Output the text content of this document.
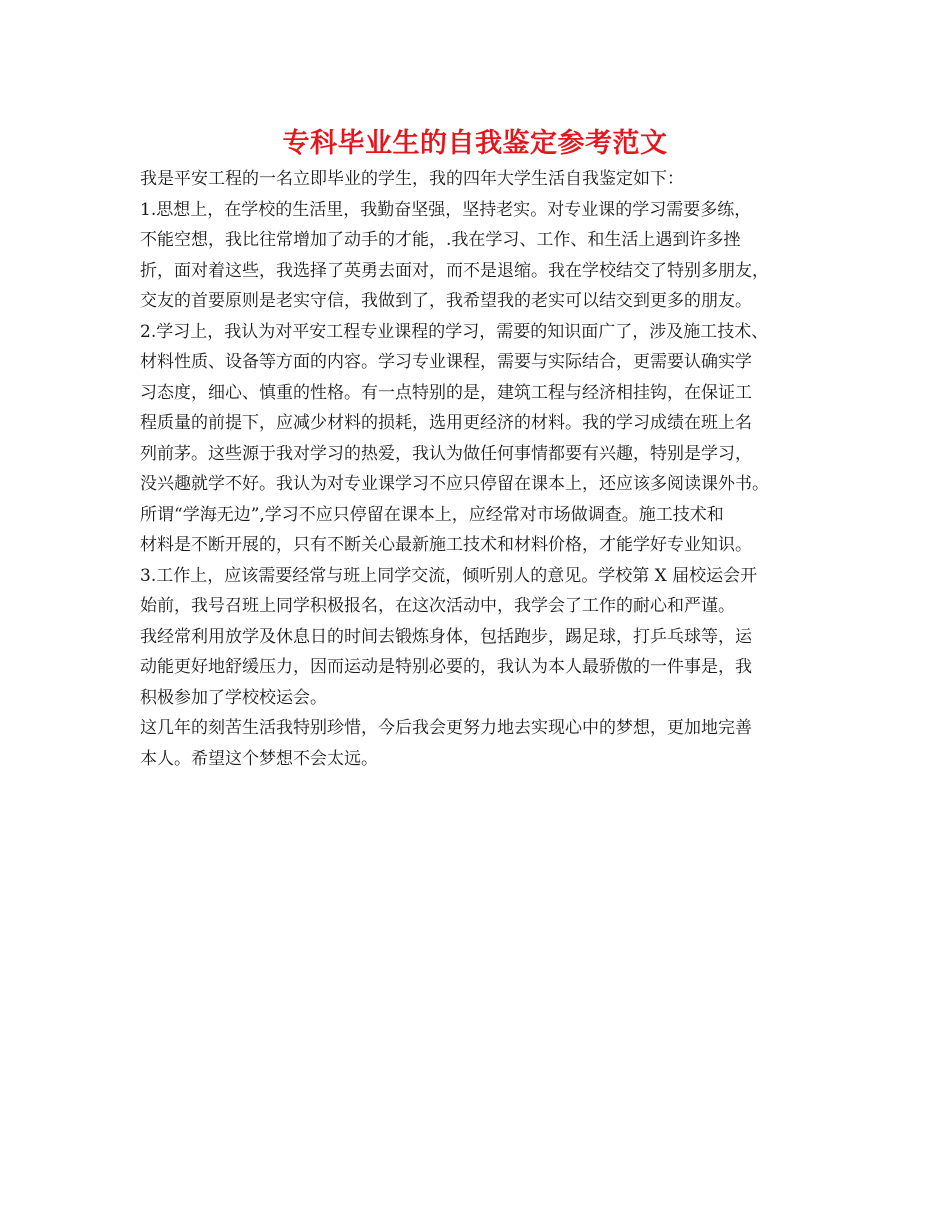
专科毕业生的自我鉴定参考范文
我是平安工程的一名立即毕业的学生，我的四年大学生活自我鉴定如下：
1.思想上，在学校的生活里，我勤奋坚强，坚持老实。对专业课的学习需要多练，
不能空想，我比往常增加了动手的才能，.我在学习、工作、和生活上遇到许多挫
折，面对着这些，我选择了英勇去面对，而不是退缩。我在学校结交了特别多朋友，
交友的首要原则是老实守信，我做到了，我希望我的老实可以结交到更多的朋友。
2.学习上，我认为对平安工程专业课程的学习，需要的知识面广了，涉及施工技术、
材料性质、设备等方面的内容。学习专业课程，需要与实际结合，更需要认确实学
习态度，细心、慎重的性格。有一点特别的是，建筑工程与经济相挂钩，在保证工
程质量的前提下，应减少材料的损耗，选用更经济的材料。我的学习成绩在班上名
列前茅。这些源于我对学习的热爱，我认为做任何事情都要有兴趣，特别是学习，
没兴趣就学不好。我认为对专业课学习不应只停留在课本上，还应该多阅读课外书。
所谓“学海无边”,学习不应只停留在课本上，应经常对市场做调查。施工技术和
材料是不断开展的，只有不断关心最新施工技术和材料价格，才能学好专业知识。
3.工作上，应该需要经常与班上同学交流，倾听别人的意见。学校第 X 届校运会开
始前，我号召班上同学积极报名，在这次活动中，我学会了工作的耐心和严谨。
我经常利用放学及休息日的时间去锻炼身体，包括跑步，踢足球，打乒乓球等，运
动能更好地舒缓压力，因而运动是特别必要的，我认为本人最骄傲的一件事是，我
积极参加了学校校运会。
这几年的刻苦生活我特别珍惜，今后我会更努力地去实现心中的梦想，更加地完善
本人。希望这个梦想不会太远。
